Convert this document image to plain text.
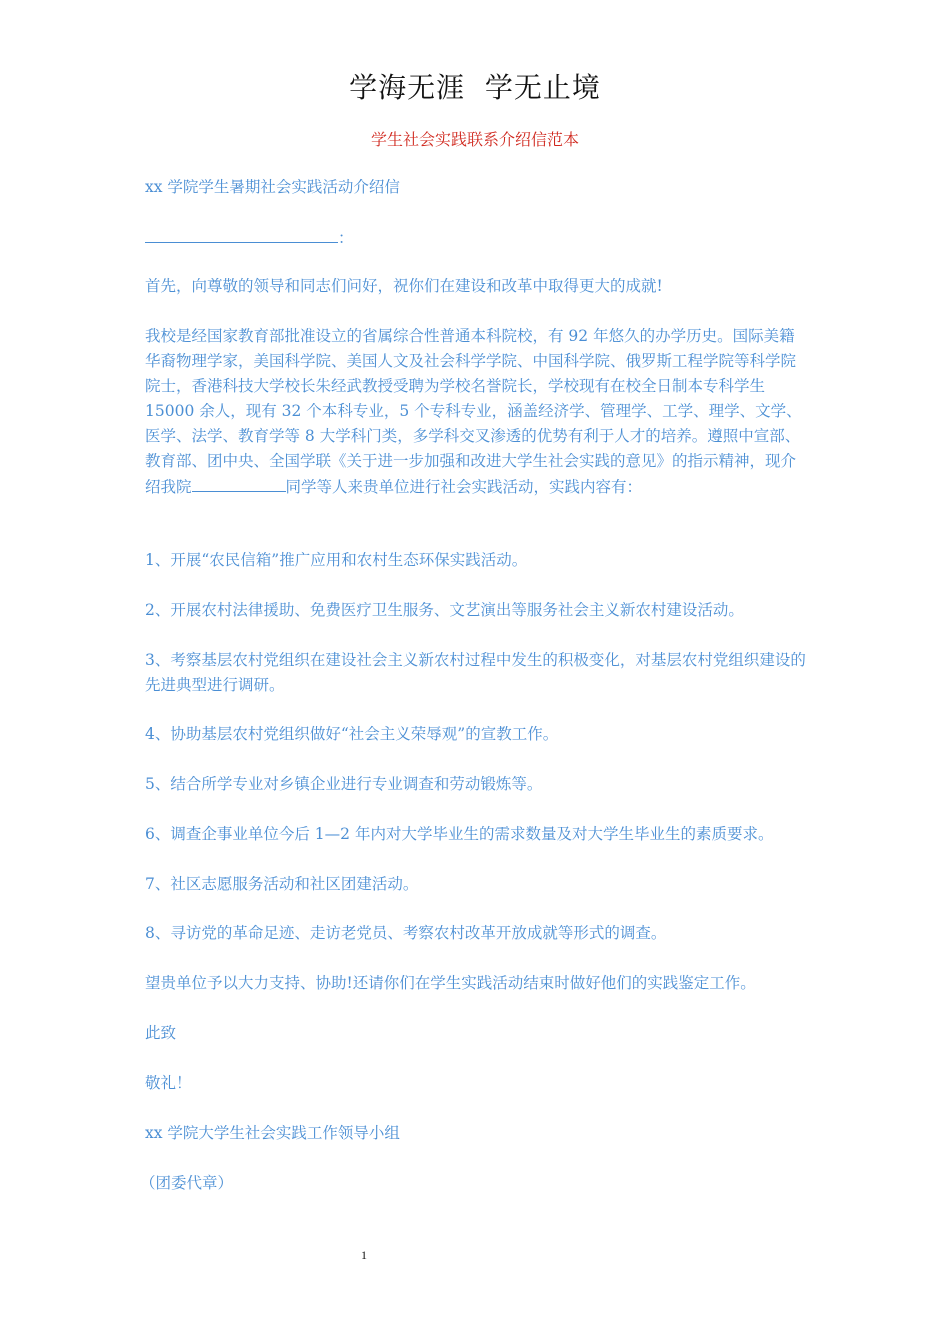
学海无涯  学无止境
学生社会实践联系介绍信范本
xx 学院学生暑期社会实践活动介绍信
：
首先，向尊敬的领导和同志们问好，祝你们在建设和改革中取得更大的成就!
我校是经国家教育部批准设立的省属综合性普通本科院校，有 92 年悠久的办学历史。国际美籍华裔物理学家，美国科学院、美国人文及社会科学学院、中国科学院、俄罗斯工程学院等科学院院士，香港科技大学校长朱经武教授受聘为学校名誉院长，学校现有在校全日制本专科学生 15000 余人，现有 32 个本科专业，5 个专科专业，涵盖经济学、管理学、工学、理学、文学、医学、法学、教育学等 8 大学科门类，多学科交叉渗透的优势有利于人才的培养。遵照中宣部、教育部、团中央、全国学联《关于进一步加强和改进大学生社会实践的意见》的指示精神，现介绍我院	同学等人来贵单位进行社会实践活动，实践内容有：
1、开展“农民信箱”推广应用和农村生态环保实践活动。
2、开展农村法律援助、免费医疗卫生服务、文艺演出等服务社会主义新农村建设活动。
3、考察基层农村党组织在建设社会主义新农村过程中发生的积极变化，对基层农村党组织建设的先进典型进行调研。
4、协助基层农村党组织做好“社会主义荣辱观”的宣教工作。
5、结合所学专业对乡镇企业进行专业调查和劳动锻炼等。
6、调查企事业单位今后 1—2 年内对大学毕业生的需求数量及对大学生毕业生的素质要求。
7、社区志愿服务活动和社区团建活动。
8、寻访党的革命足迹、走访老党员、考察农村改革开放成就等形式的调查。
望贵单位予以大力支持、协助!还请你们在学生实践活动结束时做好他们的实践鉴定工作。
此致
敬礼！
xx 学院大学生社会实践工作领导小组
（团委代章）
1
